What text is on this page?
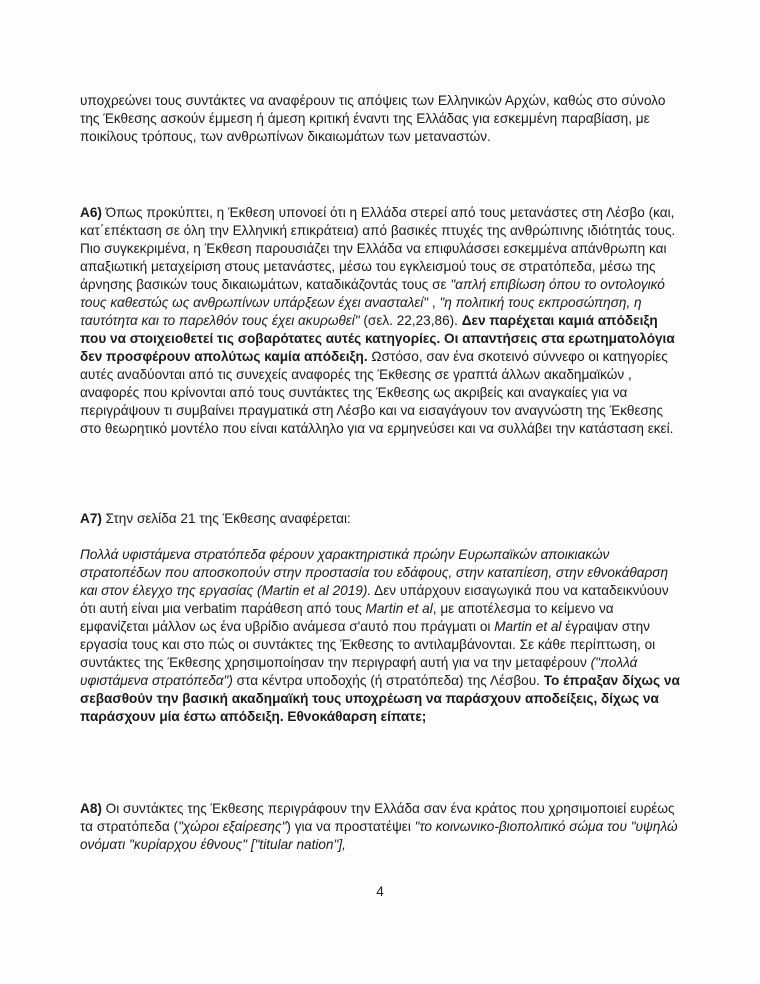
υποχρεώνει τους συντάκτες να αναφέρουν τις απόψεις των Ελληνικών Αρχών, καθώς στο σύνολο της Έκθεσης ασκούν έμμεση ή άμεση κριτική έναντι της Ελλάδας για εσκεμμένη παραβίαση, με ποικίλους τρόπους, των ανθρωπίνων δικαιωμάτων των μεταναστών.

Α6) Όπως προκύπτει, η Έκθεση υπονοεί ότι η Ελλάδα στερεί από τους μετανάστες στη Λέσβο (και, κατ΄επέκταση σε όλη την Ελληνική επικράτεια) από βασικές πτυχές της ανθρώπινης ιδιότητάς τους. Πιο συγκεκριμένα, η Έκθεση παρουσιάζει την Ελλάδα να επιφυλάσσει εσκεμμένα απάνθρωπη και απαξιωτική μεταχείριση στους μετανάστες, μέσω του εγκλεισμού τους σε στρατόπεδα, μέσω της άρνησης βασικών τους δικαιωμάτων, καταδικάζοντάς τους σε "απλή επιβίωση όπου το οντολογικό τους καθεστώς ως ανθρωπίνων υπάρξεων έχει ανασταλεί" , "η πολιτική τους εκπροσώπηση, η ταυτότητα και το παρελθόν τους έχει ακυρωθεί" (σελ. 22,23,86). Δεν παρέχεται καμιά απόδειξη που να στοιχειοθετεί τις σοβαρότατες αυτές κατηγορίες. Οι απαντήσεις στα ερωτηματολόγια δεν προσφέρουν απολύτως καμία απόδειξη. Ωστόσο, σαν ένα σκοτεινό σύννεφο οι κατηγορίες αυτές αναδύονται από τις συνεχείς αναφορές της Έκθεσης σε γραπτά άλλων ακαδημαϊκών , αναφορές που κρίνονται από τους συντάκτες της Έκθεσης ως ακριβείς και αναγκαίες για να περιγράψουν τι συμβαίνει πραγματικά στη Λέσβο και να εισαγάγουν τον αναγνώστη της Έκθεσης στο θεωρητικό μοντέλο που είναι κατάλληλο για να ερμηνεύσει και να συλλάβει την κατάσταση εκεί.

Α7) Στην σελίδα 21 της Έκθεσης αναφέρεται:

Πολλά υφιστάμενα στρατόπεδα φέρουν χαρακτηριστικά πρώην Ευρωπαϊκών αποικιακών στρατοπέδων που αποσκοπούν στην προστασία του εδάφους, στην καταπίεση, στην εθνοκάθαρση και στον έλεγχο της εργασίας (Martin et al 2019). Δεν υπάρχουν εισαγωγικά που να καταδεικνύουν ότι αυτή είναι μια verbatim παράθεση από τους Martin et al, με αποτέλεσμα το κείμενο να εμφανίζεται μάλλον ως ένα υβρίδιο ανάμεσα σ'αυτό που πράγματι οι Martin et al έγραψαν στην εργασία τους και στο πώς οι συντάκτες της Έκθεσης το αντιλαμβάνονται. Σε κάθε περίπτωση, οι συντάκτες της Έκθεσης χρησιμοποίησαν την περιγραφή αυτή για να την μεταφέρουν ("πολλά υφιστάμενα στρατόπεδα") στα κέντρα υποδοχής (ή στρατόπεδα) της Λέσβου. Το έπραξαν δίχως να σεβασθούν την βασική ακαδημαϊκή τους υποχρέωση να παράσχουν αποδείξεις, δίχως να παράσχουν μία έστω απόδειξη. Εθνοκάθαρση είπατε;

Α8) Οι συντάκτες της Έκθεσης περιγράφουν την Ελλάδα σαν ένα κράτος που χρησιμοποιεί ευρέως τα στρατόπεδα ("χώροι εξαίρεσης") για να προστατέψει "το κοινωνικο-βιοπολιτικό σώμα του "υψηλώ ονόματι "κυρίαρχου έθνους" ["titular nation"],

4
